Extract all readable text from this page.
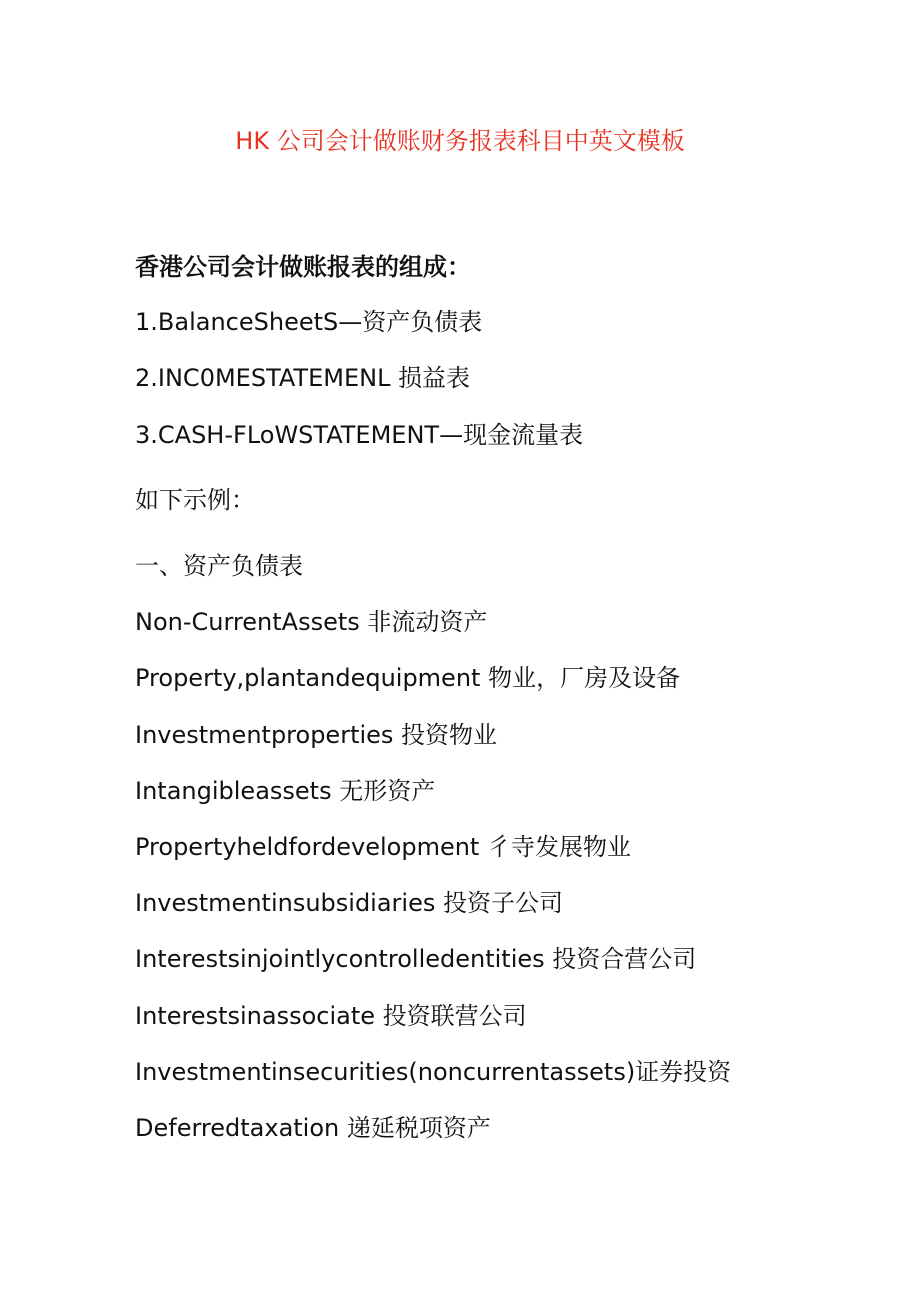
HK 公司会计做账财务报表科目中英文模板
香港公司会计做账报表的组成：
1.BalanceSheetS—资产负债表
2.INC0MESTATEMENL 损益表
3.CASH-FLoWSTATEMENT—现金流量表
如下示例：
一、资产负债表
Non-CurrentAssets 非流动资产
Property,plantandequipment 物业，厂房及设备
Investmentproperties 投资物业
Intangibleassets 无形资产
Propertyheldfordevelopment 彳寺发展物业
Investmentinsubsidiaries 投资子公司
Interestsinjointlycontrolledentities 投资合营公司
Interestsinassociate 投资联营公司
Investmentinsecurities(noncurrentassets)证券投资
Deferredtaxation 递延税项资产
